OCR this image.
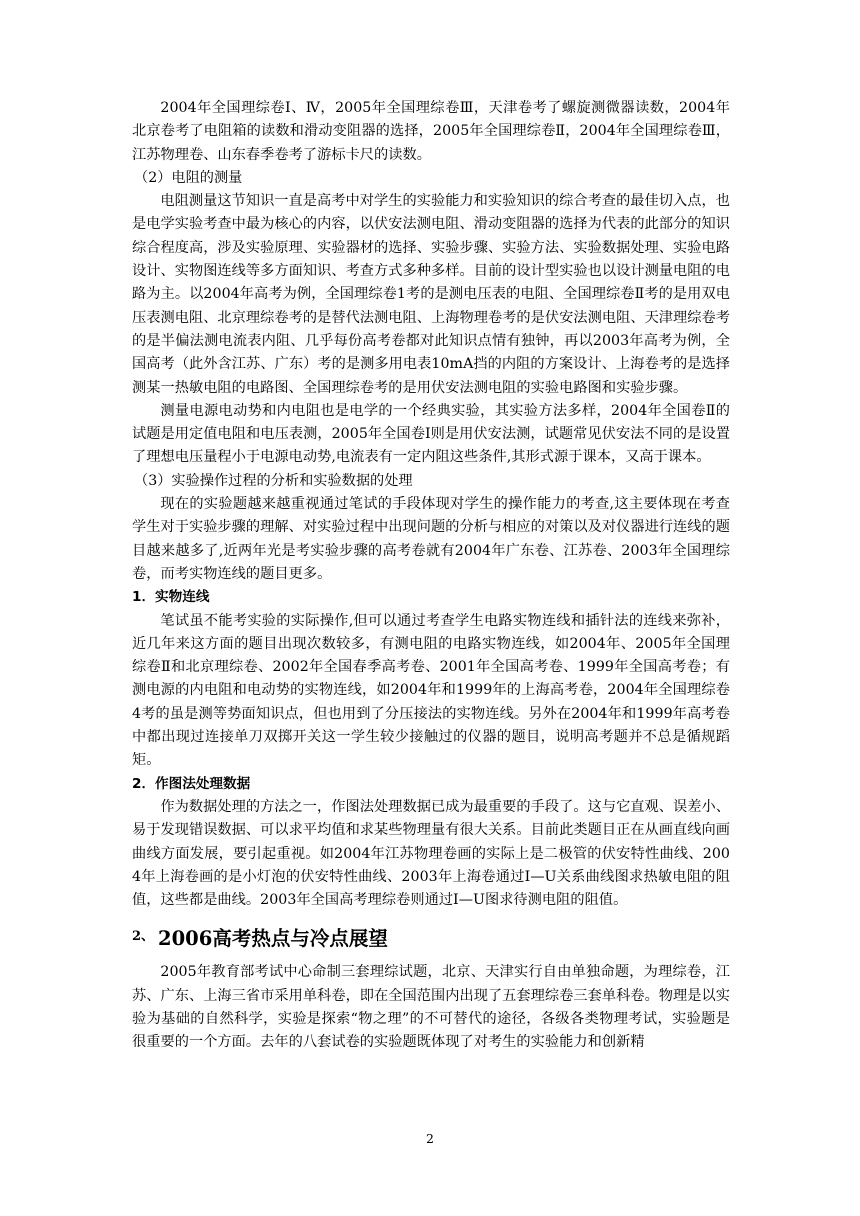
2004年全国理综卷Ⅰ、Ⅳ，2005年全国理综卷Ⅲ，天津卷考了螺旋测微器读数，2004年北京卷考了电阻箱的读数和滑动变阻器的选择，2005年全国理综卷Ⅱ，2004年全国理综卷Ⅲ，江苏物理卷、山东春季卷考了游标卡尺的读数。

（2）电阻的测量

电阻测量这节知识一直是高考中对学生的实验能力和实验知识的综合考查的最佳切入点，也是电学实验考查中最为核心的内容，以伏安法测电阻、滑动变阻器的选择为代表的此部分的知识综合程度高，涉及实验原理、实验器材的选择、实验步骤、实验方法、实验数据处理、实验电路设计、实物图连线等多方面知识、考查方式多种多样。目前的设计型实验也以设计测量电阻的电路为主。以2004年高考为例，全国理综卷1考的是测电压表的电阻、全国理综卷Ⅱ考的是用双电压表测电阻、北京理综卷考的是替代法测电阻、上海物理卷考的是伏安法测电阻、天津理综卷考的是半偏法测电流表内阻、几乎每份高考卷都对此知识点情有独钟，再以2003年高考为例，全国高考（此外含江苏、广东）考的是测多用电表10mA挡的内阻的方案设计、上海卷考的是选择测某一热敏电阻的电路图、全国理综卷考的是用伏安法测电阻的实验电路图和实验步骤。

测量电源电动势和内电阻也是电学的一个经典实验，其实验方法多样，2004年全国卷Ⅱ的试题是用定值电阻和电压表测，2005年全国卷Ⅰ则是用伏安法测，试题常见伏安法不同的是设置了理想电压量程小于电源电动势,电流表有一定内阻这些条件,其形式源于课本，又高于课本。

（3）实验操作过程的分析和实验数据的处理

现在的实验题越来越重视通过笔试的手段体现对学生的操作能力的考查,这主要体现在考查学生对于实验步骤的理解、对实验过程中出现问题的分析与相应的对策以及对仪器进行连线的题目越来越多了,近两年光是考实验步骤的高考卷就有2004年广东卷、江苏卷、2003年全国理综卷，而考实物连线的题目更多。

1．实物连线

笔试虽不能考实验的实际操作,但可以通过考查学生电路实物连线和插针法的连线来弥补，近几年来这方面的题目出现次数较多，有测电阻的电路实物连线，如2004年、2005年全国理综卷Ⅱ和北京理综卷、2002年全国春季高考卷、2001年全国高考卷、1999年全国高考卷；有测电源的内电阻和电动势的实物连线，如2004年和1999年的上海高考卷，2004年全国理综卷4考的虽是测等势面知识点，但也用到了分压接法的实物连线。另外在2004年和1999年高考卷中都出现过连接单刀双掷开关这一学生较少接触过的仪器的题目，说明高考题并不总是循规蹈矩。

2．作图法处理数据

作为数据处理的方法之一，作图法处理数据已成为最重要的手段了。这与它直观、误差小、易于发现错误数据、可以求平均值和求某些物理量有很大关系。目前此类题目正在从画直线向画曲线方面发展，要引起重视。如2004年江苏物理卷画的实际上是二极管的伏安特性曲线、2004年上海卷画的是小灯泡的伏安特性曲线、2003年上海卷通过I—U关系曲线图求热敏电阻的阻值，这些都是曲线。2003年全国高考理综卷则通过I—U图求待测电阻的阻值。

$^{2、}$ 2006高考热点与冷点展望

2005年教育部考试中心命制三套理综试题，北京、天津实行自由单独命题，为理综卷，江苏、广东、上海三省市采用单科卷，即在全国范围内出现了五套理综卷三套单科卷。物理是以实验为基础的自然科学，实验是探索“物之理”的不可替代的途径，各级各类物理考试，实验题是很重要的一个方面。去年的八套试卷的实验题既体现了对考生的实验能力和创新精

2
